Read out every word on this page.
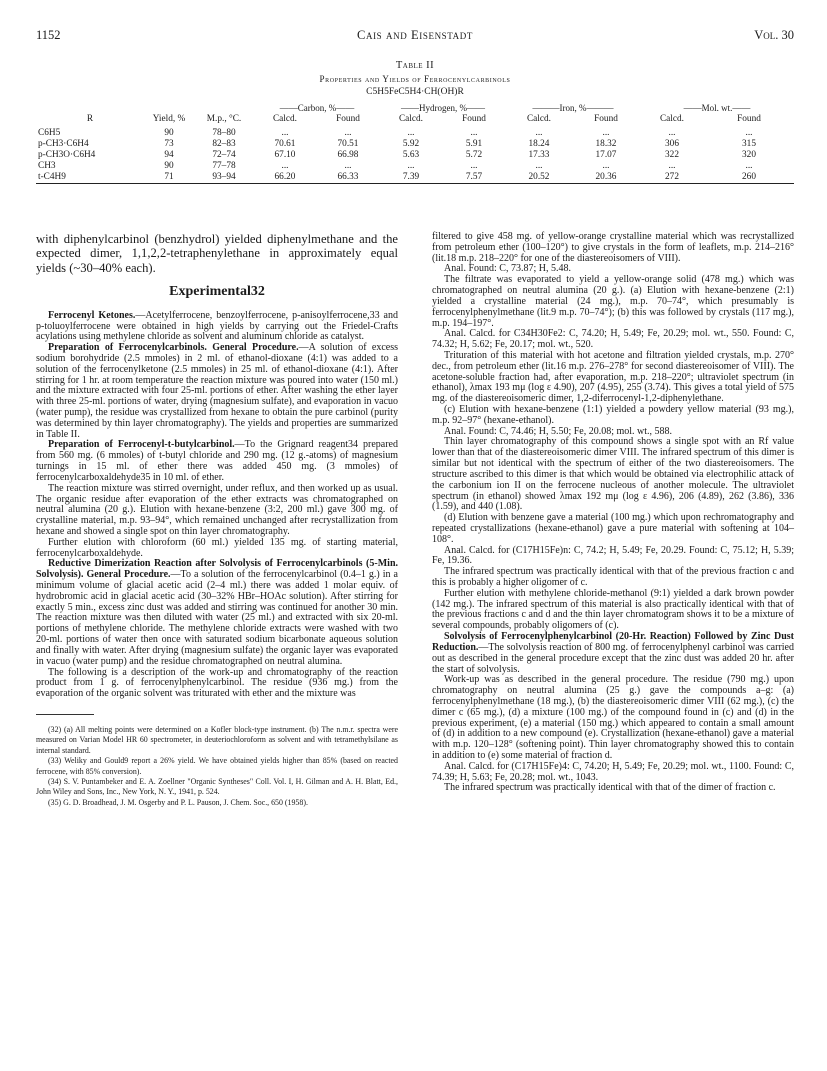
1152	Cais and Eisenstadt	Vol. 30
Table II
Properties and Yields of Ferrocenylcarbinols
C5H5FeC5H4·CH(OH)R
			——Carbon, %——		——Hydrogen, %——		———Iron, %———		——Mol. wt.——	
R	Yield, %	M.p., °C.	Calcd.	Found	Calcd.	Found	Calcd.	Found	Calcd.	Found
C6H5	90	78–80	...	...	...	...	...	...	...	...
p-CH3·C6H4	73	82–83	70.61	70.51	5.92	5.91	18.24	18.32	306	315
p-CH3O·C6H4	94	72–74	67.10	66.98	5.63	5.72	17.33	17.07	322	320
CH3	90	77–78	...	...	...	...	...	...	...	...
t-C4H9	71	93–94	66.20	66.33	7.39	7.57	20.52	20.36	272	260

with diphenylcarbinol (benzhydrol) yielded diphenylmethane and the expected dimer, 1,1,2,2-tetraphenylethane in approximately equal yields (~30–40% each).

Experimental32

Ferrocenyl Ketones.—Acetylferrocene, benzoylferrocene, p-anisoylferrocene,33 and p-toluoylferrocene were obtained in high yields by carrying out the Friedel-Crafts acylations using methylene chloride as solvent and aluminum chloride as catalyst.

Preparation of Ferrocenylcarbinols. General Procedure.—A solution of excess sodium borohydride (2.5 mmoles) in 2 ml. of ethanol-dioxane (4:1) was added to a solution of the ferrocenylketone (2.5 mmoles) in 25 ml. of ethanol-dioxane (4:1). After stirring for 1 hr. at room temperature the reaction mixture was poured into water (150 ml.) and the mixture extracted with four 25-ml. portions of ether. After washing the ether layer with three 25-ml. portions of water, drying (magnesium sulfate), and evaporation in vacuo (water pump), the residue was crystallized from hexane to obtain the pure carbinol (purity was determined by thin layer chromatography). The yields and properties are summarized in Table II.

Preparation of Ferrocenyl-t-butylcarbinol.—To the Grignard reagent34 prepared from 560 mg. (6 mmoles) of t-butyl chloride and 290 mg. (12 g.-atoms) of magnesium turnings in 15 ml. of ether there was added 450 mg. (3 mmoles) of ferrocenylcarboxaldehyde35 in 10 ml. of ether.

The reaction mixture was stirred overnight, under reflux, and then worked up as usual. The organic residue after evaporation of the ether extracts was chromatographed on neutral alumina (20 g.). Elution with hexane-benzene (3:2, 200 ml.) gave 300 mg. of crystalline material, m.p. 93–94°, which remained unchanged after recrystallization from hexane and showed a single spot on thin layer chromatography.

Further elution with chloroform (60 ml.) yielded 135 mg. of starting material, ferrocenylcarboxaldehyde.

Reductive Dimerization Reaction after Solvolysis of Ferrocenylcarbinols (5-Min. Solvolysis). General Procedure.—To a solution of the ferrocenylcarbinol (0.4–1 g.) in a minimum volume of glacial acetic acid (2–4 ml.) there was added 1 molar equiv. of hydrobromic acid in glacial acetic acid (30–32% HBr–HOAc solution). After stirring for exactly 5 min., excess zinc dust was added and stirring was continued for another 30 min. The reaction mixture was then diluted with water (25 ml.) and extracted with six 20-ml. portions of methylene chloride. The methylene chloride extracts were washed with two 20-ml. portions of water then once with saturated sodium bicarbonate aqueous solution and finally with water. After drying (magnesium sulfate) the organic layer was evaporated in vacuo (water pump) and the residue chromatographed on neutral alumina.

The following is a description of the work-up and chromatography of the reaction product from 1 g. of ferrocenylphenylcarbinol. The residue (936 mg.) from the evaporation of the organic solvent was triturated with ether and the mixture was

(32) (a) All melting points were determined on a Kofler block-type instrument. (b) The n.m.r. spectra were measured on Varian Model HR 60 spectrometer, in deuteriochloroform as solvent and with tetramethylsilane as internal standard.

(33) Weliky and Gould9 report a 26% yield. We have obtained yields higher than 85% (based on reacted ferrocene, with 85% conversion).

(34) S. V. Puntambeker and E. A. Zoellner "Organic Syntheses" Coll. Vol. I, H. Gilman and A. H. Blatt, Ed., John Wiley and Sons, Inc., New York, N. Y., 1941, p. 524.

(35) G. D. Broadhead, J. M. Osgerby and P. L. Pauson, J. Chem. Soc., 650 (1958).

filtered to give 458 mg. of yellow-orange crystalline material which was recrystallized from petroleum ether (100–120°) to give crystals in the form of leaflets, m.p. 214–216° (lit.18 m.p. 218–220° for one of the diastereoisomers of VIII).

Anal. Found: C, 73.87; H, 5.48.

The filtrate was evaporated to yield a yellow-orange solid (478 mg.) which was chromatographed on neutral alumina (20 g.). (a) Elution with hexane-benzene (2:1) yielded a crystalline material (24 mg.), m.p. 70–74°, which presumably is ferrocenylphenylmethane (lit.9 m.p. 70–74°); (b) this was followed by crystals (117 mg.), m.p. 194–197°.

Anal. Calcd. for C34H30Fe2: C, 74.20; H, 5.49; Fe, 20.29; mol. wt., 550. Found: C, 74.32; H, 5.62; Fe, 20.17; mol. wt., 520.

Trituration of this material with hot acetone and filtration yielded crystals, m.p. 270° dec., from petroleum ether (lit.16 m.p. 276–278° for second diastereoisomer of VIII). The acetone-soluble fraction had, after evaporation, m.p. 218–220°; ultraviolet spectrum (in ethanol), λmax 193 mμ (log ε 4.90), 207 (4.95), 255 (3.74). This gives a total yield of 575 mg. of the diastereoisomeric dimer, 1,2-diferrocenyl-1,2-diphenylethane.

(c) Elution with hexane-benzene (1:1) yielded a powdery yellow material (93 mg.), m.p. 92–97° (hexane-ethanol).

Anal. Found: C, 74.46; H, 5.50; Fe, 20.08; mol. wt., 588.

Thin layer chromatography of this compound shows a single spot with an Rf value lower than that of the diastereoisomeric dimer VIII. The infrared spectrum of this dimer is similar but not identical with the spectrum of either of the two diastereoisomers. The structure ascribed to this dimer is that which would be obtained via electrophilic attack of the carbonium ion II on the ferrocene nucleous of another molecule. The ultraviolet spectrum (in ethanol) showed λmax 192 mμ (log ε 4.96), 206 (4.89), 262 (3.86), 336 (1.59), and 440 (1.08).

(d) Elution with benzene gave a material (100 mg.) which upon rechromatography and repeated crystallizations (hexane-ethanol) gave a pure material with softening at 104–108°.

Anal. Calcd. for (C17H15Fe)n: C, 74.2; H, 5.49; Fe, 20.29. Found: C, 75.12; H, 5.39; Fe, 19.36.

The infrared spectrum was practically identical with that of the previous fraction c and this is probably a higher oligomer of c.

Further elution with methylene chloride-methanol (9:1) yielded a dark brown powder (142 mg.). The infrared spectrum of this material is also practically identical with that of the previous fractions c and d and the thin layer chromatogram shows it to be a mixture of several compounds, probably oligomers of (c).

Solvolysis of Ferrocenylphenylcarbinol (20-Hr. Reaction) Followed by Zinc Dust Reduction.—The solvolysis reaction of 800 mg. of ferrocenylphenyl carbinol was carried out as described in the general procedure except that the zinc dust was added 20 hr. after the start of solvolysis.

Work-up was as described in the general procedure. The residue (790 mg.) upon chromatography on neutral alumina (25 g.) gave the compounds a–g: (a) ferrocenylphenylmethane (18 mg.), (b) the diastereoisomeric dimer VIII (62 mg.), (c) the dimer c (65 mg.), (d) a mixture (100 mg.) of the compound found in (c) and (d) in the previous experiment, (e) a material (150 mg.) which appeared to contain a small amount of (d) in addition to a new compound (e). Crystallization (hexane-ethanol) gave a material with m.p. 120–128° (softening point). Thin layer chromatography showed this to contain in addition to (e) some material of fraction d.

Anal. Calcd. for (C17H15Fe)4: C, 74.20; H, 5.49; Fe, 20.29; mol. wt., 1100. Found: C, 74.39; H, 5.63; Fe, 20.28; mol. wt., 1043.

The infrared spectrum was practically identical with that of the dimer of fraction c.
